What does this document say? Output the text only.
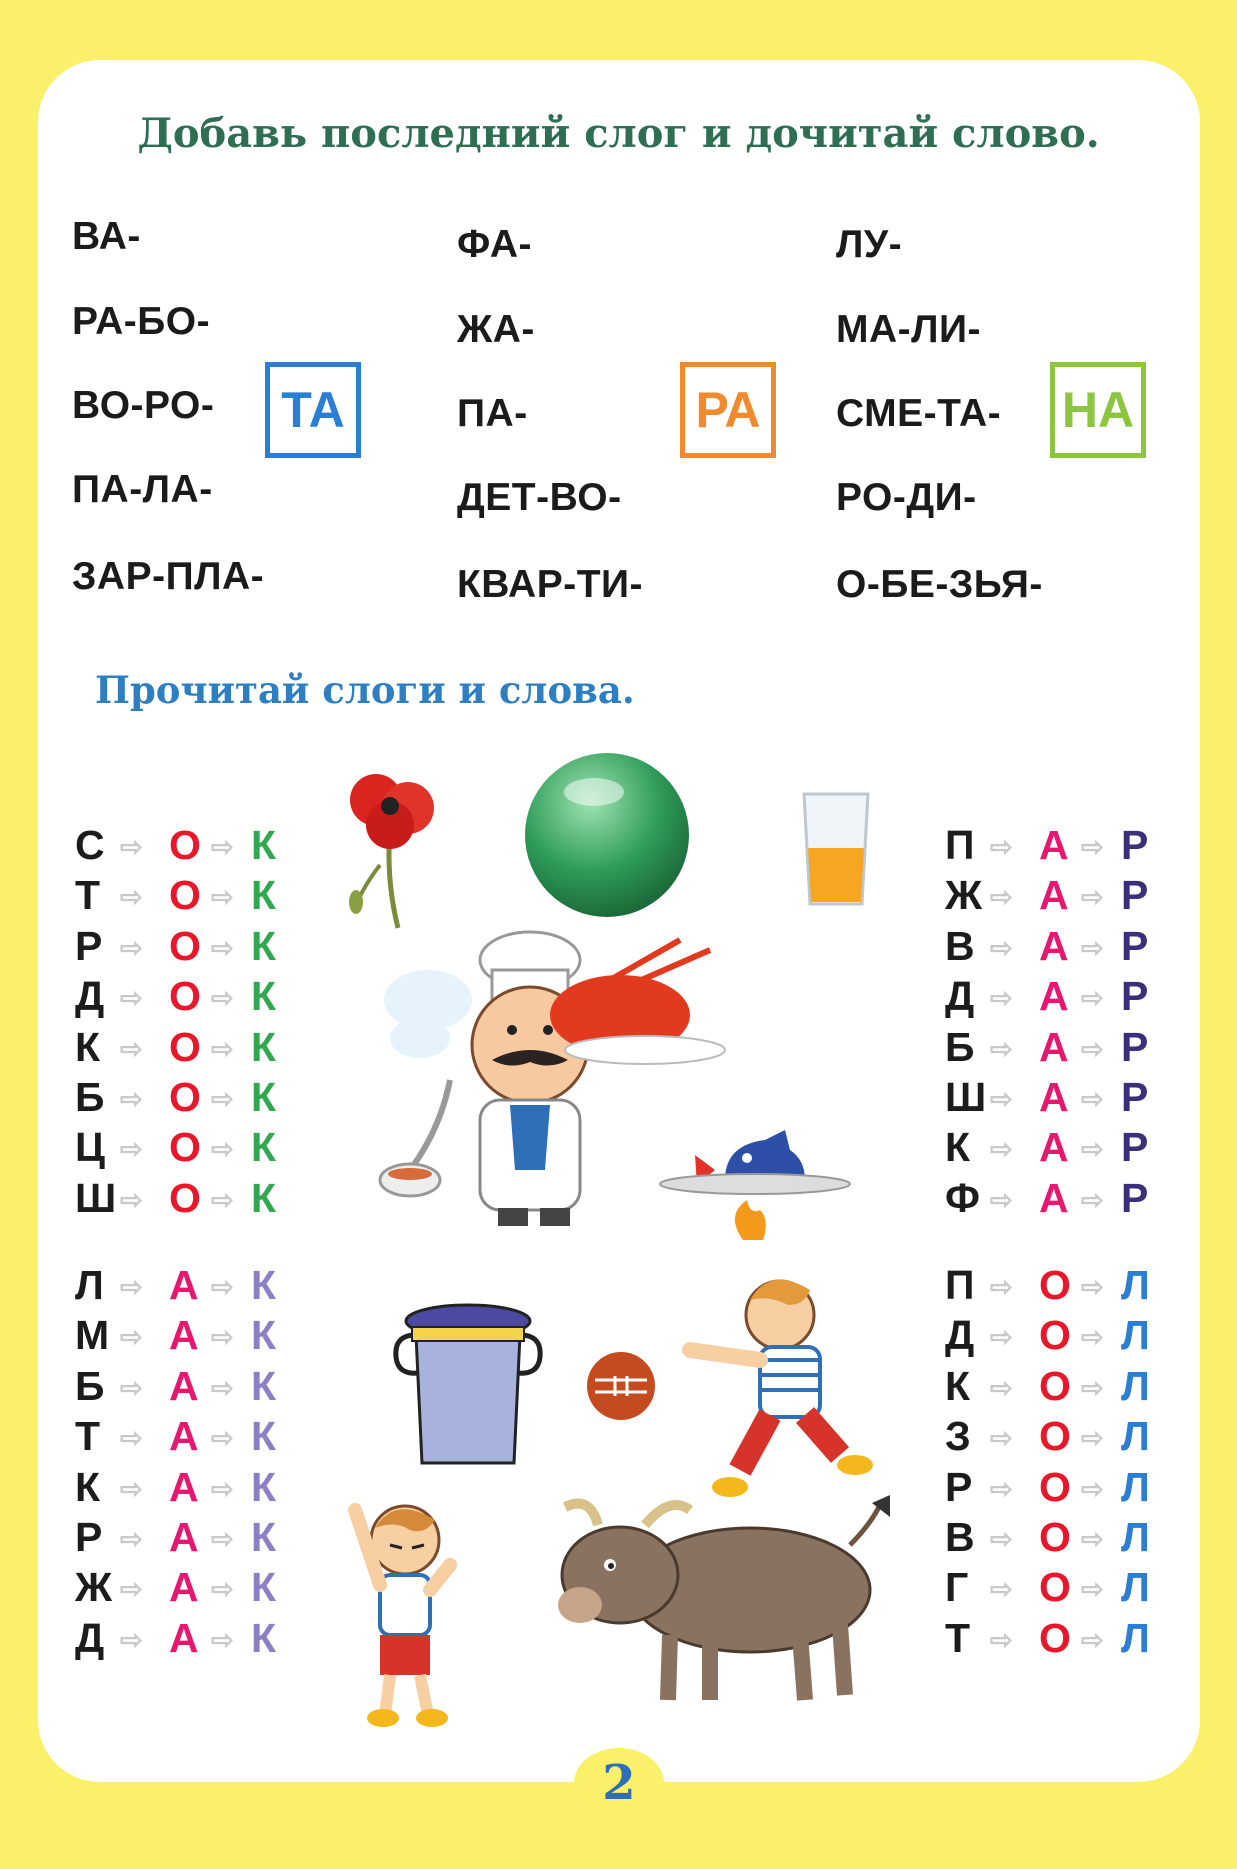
Добавь последний слог и дочитай слово.
Прочитай слоги и слова.
ВА-
РА-БО-
ВО-РО-
ПА-ЛА-
ЗАР-ПЛА-
ТА
ФА-
ЖА-
ПА-
ДЕТ-ВО-
КВАР-ТИ-
РА
ЛУ-
МА-ЛИ-
СМЕ-ТА-
РО-ДИ-
О-БЕ-ЗЬЯ-
НА
С ⇨ О ⇨ К
Т ⇨ О ⇨ К
Р ⇨ О ⇨ К
Д ⇨ О ⇨ К
К ⇨ О ⇨ К
Б ⇨ О ⇨ К
Ц ⇨ О ⇨ К
Ш ⇨ О ⇨ К
П ⇨ А ⇨ Р
Ж ⇨ А ⇨ Р
В ⇨ А ⇨ Р
Д ⇨ А ⇨ Р
Б ⇨ А ⇨ Р
Ш ⇨ А ⇨ Р
К ⇨ А ⇨ Р
Ф ⇨ А ⇨ Р
Л ⇨ А ⇨ К
М ⇨ А ⇨ К
Б ⇨ А ⇨ К
Т ⇨ А ⇨ К
К ⇨ А ⇨ К
Р ⇨ А ⇨ К
Ж ⇨ А ⇨ К
Д ⇨ А ⇨ К
П ⇨ О ⇨ Л
Д ⇨ О ⇨ Л
К ⇨ О ⇨ Л
З ⇨ О ⇨ Л
Р ⇨ О ⇨ Л
В ⇨ О ⇨ Л
Г ⇨ О ⇨ Л
Т ⇨ О ⇨ Л
2
